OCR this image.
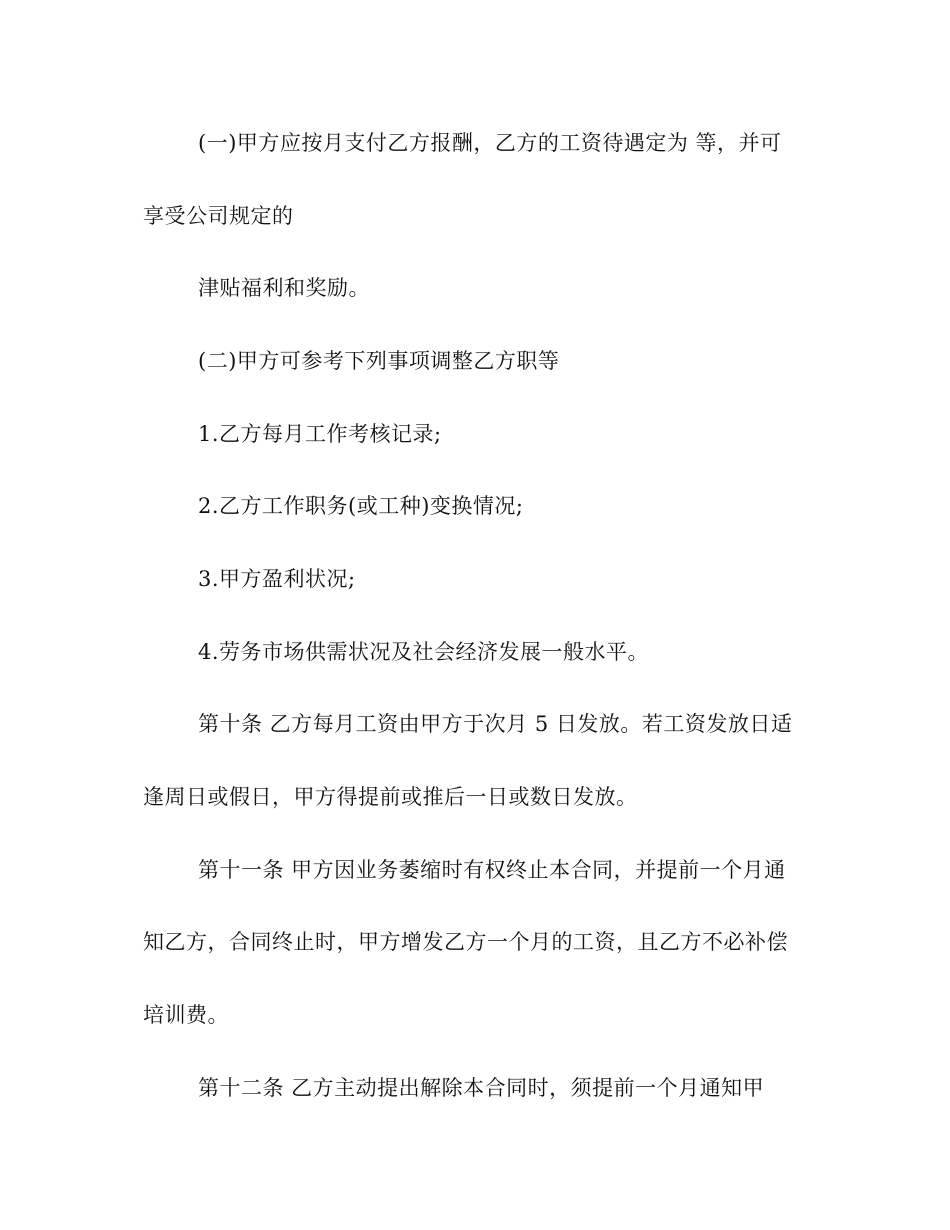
(一)甲方应按月支付乙方报酬，乙方的工资待遇定为 等，并可
享受公司规定的
津贴福利和奖励。
(二)甲方可参考下列事项调整乙方职等
1.乙方每月工作考核记录;
2.乙方工作职务(或工种)变换情况;
3.甲方盈利状况;
4.劳务市场供需状况及社会经济发展一般水平。
第十条 乙方每月工资由甲方于次月 5 日发放。若工资发放日适
逢周日或假日，甲方得提前或推后一日或数日发放。
第十一条 甲方因业务萎缩时有权终止本合同，并提前一个月通
知乙方，合同终止时，甲方增发乙方一个月的工资，且乙方不必补偿
培训费。
第十二条 乙方主动提出解除本合同时，须提前一个月通知甲
